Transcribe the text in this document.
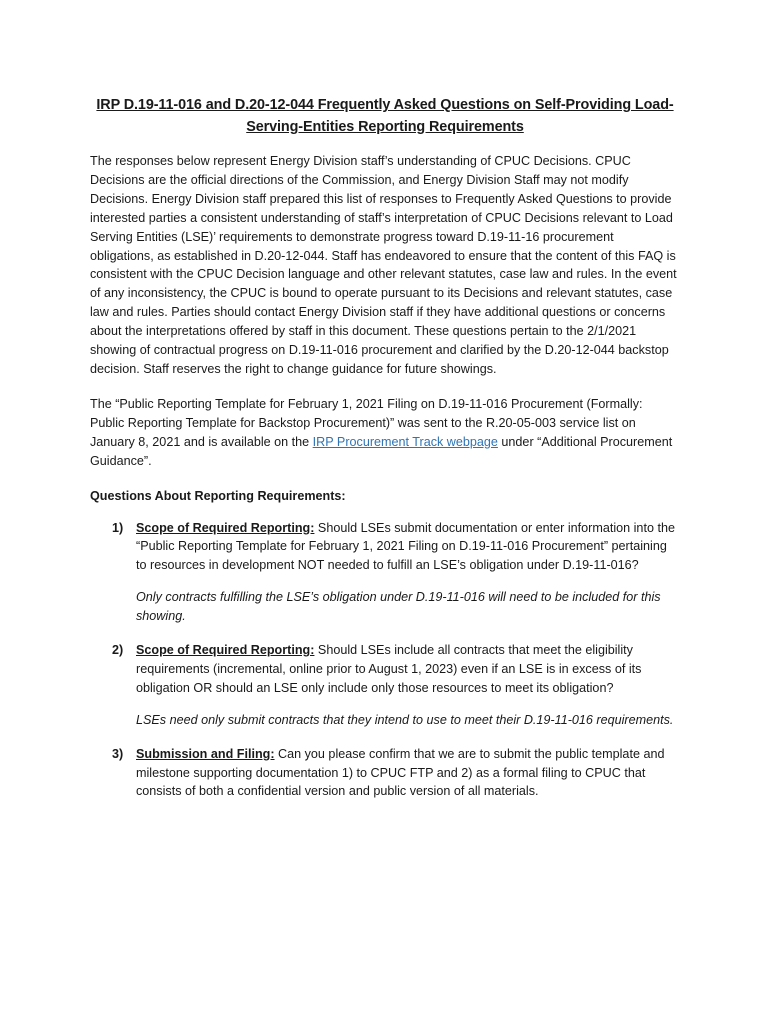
IRP D.19-11-016 and D.20-12-044 Frequently Asked Questions on Self-Providing Load-Serving-Entities Reporting Requirements

The responses below represent Energy Division staff’s understanding of CPUC Decisions. CPUC Decisions are the official directions of the Commission, and Energy Division Staff may not modify Decisions. Energy Division staff prepared this list of responses to Frequently Asked Questions to provide interested parties a consistent understanding of staff’s interpretation of CPUC Decisions relevant to Load Serving Entities (LSE)’ requirements to demonstrate progress toward D.19-11-16 procurement obligations, as established in D.20-12-044. Staff has endeavored to ensure that the content of this FAQ is consistent with the CPUC Decision language and other relevant statutes, case law and rules. In the event of any inconsistency, the CPUC is bound to operate pursuant to its Decisions and relevant statutes, case law and rules. Parties should contact Energy Division staff if they have additional questions or concerns about the interpretations offered by staff in this document. These questions pertain to the 2/1/2021 showing of contractual progress on D.19-11-016 procurement and clarified by the D.20-12-044 backstop decision. Staff reserves the right to change guidance for future showings.

The “Public Reporting Template for February 1, 2021 Filing on D.19-11-016 Procurement (Formally: Public Reporting Template for Backstop Procurement)” was sent to the R.20-05-003 service list on January 8, 2021 and is available on the IRP Procurement Track webpage under “Additional Procurement Guidance”.

Questions About Reporting Requirements:
1) Scope of Required Reporting: Should LSEs submit documentation or enter information into the “Public Reporting Template for February 1, 2021 Filing on D.19-11-016 Procurement” pertaining to resources in development NOT needed to fulfill an LSE’s obligation under D.19-11-016?

Only contracts fulfilling the LSE’s obligation under D.19-11-016 will need to be included for this showing.

2) Scope of Required Reporting: Should LSEs include all contracts that meet the eligibility requirements (incremental, online prior to August 1, 2023) even if an LSE is in excess of its obligation OR should an LSE only include only those resources to meet its obligation?

LSEs need only submit contracts that they intend to use to meet their D.19-11-016 requirements.

3) Submission and Filing: Can you please confirm that we are to submit the public template and milestone supporting documentation 1) to CPUC FTP and 2) as a formal filing to CPUC that consists of both a confidential version and public version of all materials.
